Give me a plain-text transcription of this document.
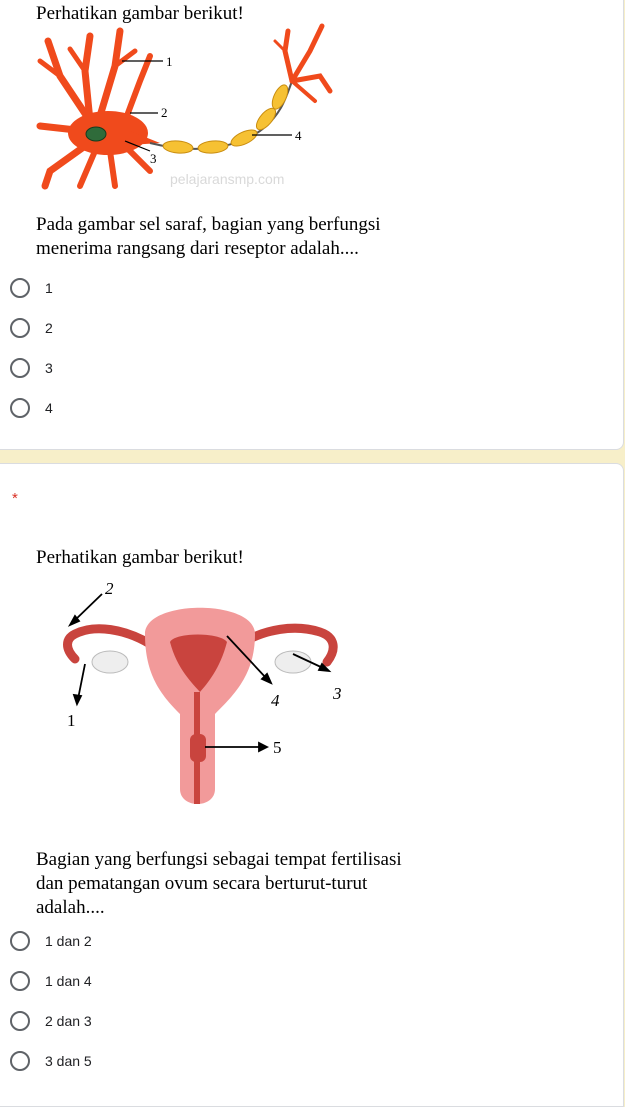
Perhatikan gambar berikut!
1
2
3
4
pelajaransmp.com
Pada gambar sel saraf, bagian yang berfungsi
menerima rangsang dari reseptor adalah....
1
2
3
4
*
Perhatikan gambar berikut!
2
1
3
4
5
Bagian yang berfungsi sebagai tempat fertilisasi
dan pematangan ovum secara berturut-turut
adalah....
1 dan 2
1 dan 4
2 dan 3
3 dan 5
